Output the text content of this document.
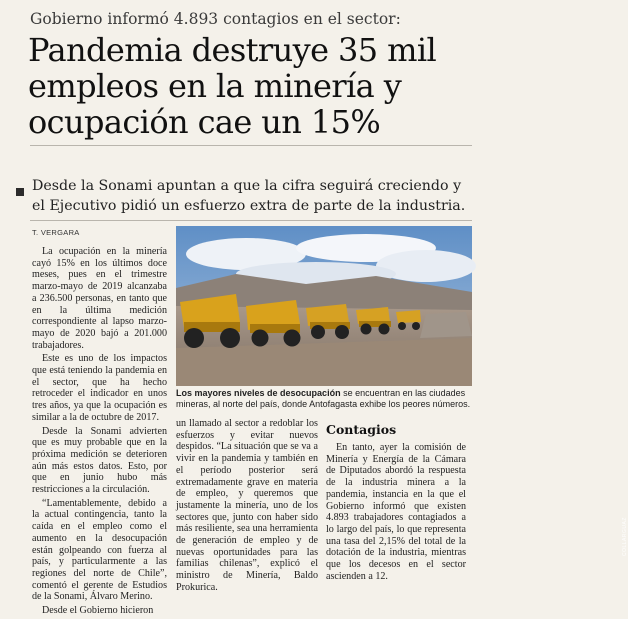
Gobierno informó 4.893 contagios en el sector:
Pandemia destruye 35 mil empleos en la minería y ocupación cae un 15%
Desde la Sonami apuntan a que la cifra seguirá creciendo y el Ejecutivo pidió un esfuerzo extra de parte de la industria.
T. VERGARA

La ocupación en la minería cayó 15% en los últimos doce meses, pues en el trimestre marzo-mayo de 2019 alcanzaba a 236.500 personas, en tanto que en la última medición correspondiente al lapso marzo-mayo de 2020 bajó a 201.000 trabajadores.

Este es uno de los impactos que está teniendo la pandemia en el sector, que ha hecho retroceder el indicador en unos tres años, ya que la ocupación es similar a la de octubre de 2017.

Desde la Sonami advierten que es muy probable que en la próxima medición se deterioren aún más estos datos. Esto, por que en junio hubo más restricciones a la circulación.

“Lamentablemente, debido a la actual contingencia, tanto la caída en el empleo como el aumento en la desocupación están golpeando con fuerza al país, y particularmente a las regiones del norte de Chile”, comentó el gerente de Estudios de la Sonami, Álvaro Merino.

Desde el Gobierno hicieron

COLLARGUAZ
Los mayores niveles de desocupación se encuentran en las ciudades mineras, al norte del país, donde Antofagasta exhibe los peores números.

un llamado al sector a redoblar los esfuerzos y evitar nuevos despidos. “La situación que se va a vivir en la pandemia y también en el período posterior será extremadamente grave en materia de empleo, y queremos que justamente la minería, uno de los sectores que, junto con haber sido más resiliente, sea una herramienta de generación de empleo y de nuevas oportunidades para las familias chilenas”, explicó el ministro de Minería, Baldo Prokurica.

Contagios

En tanto, ayer la comisión de Minería y Energía de la Cámara de Diputados abordó la respuesta de la industria minera a la pandemia, instancia en la que el Gobierno informó que existen 4.893 trabajadores contagiados a lo largo del país, lo que representa una tasa del 2,15% del total de la dotación de la industria, mientras que los decesos en el sector ascienden a 12.
